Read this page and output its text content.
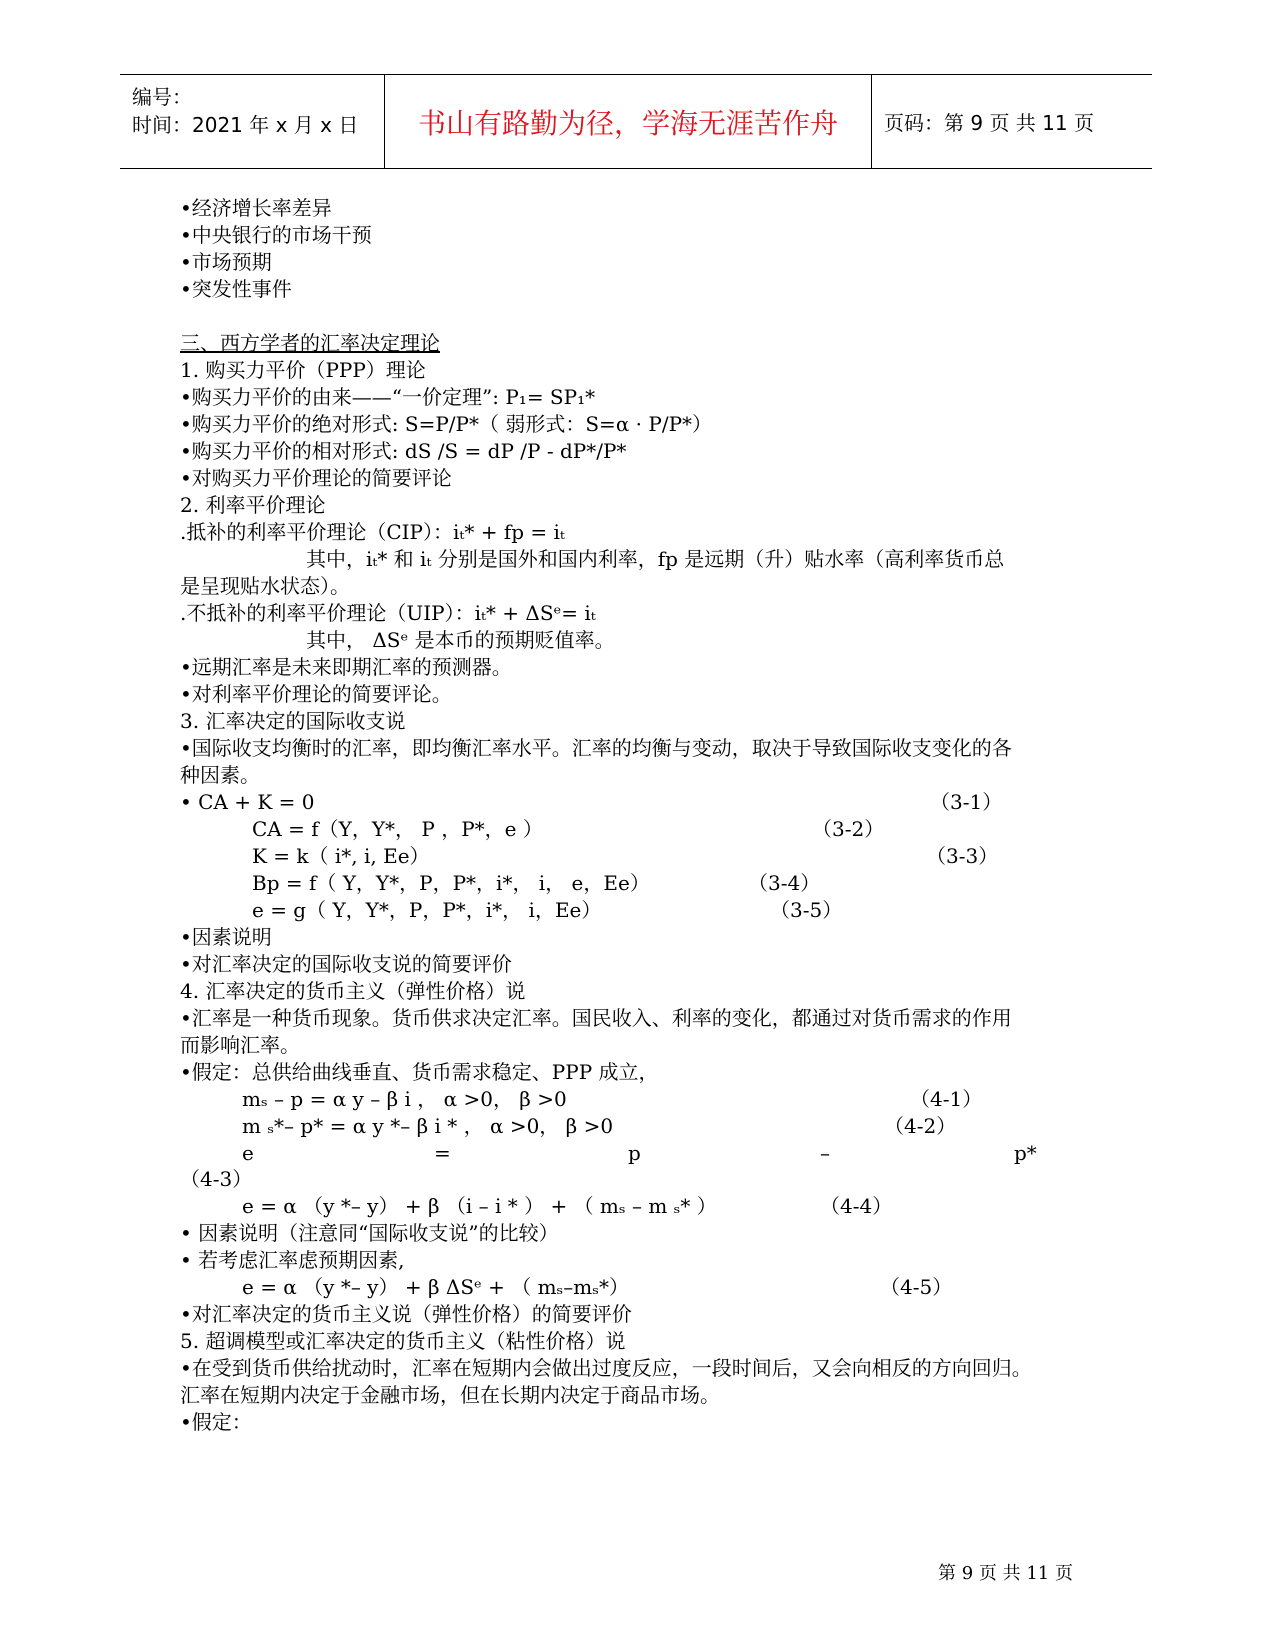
编号：
时间：2021 年 x 月 x 日 书山有路勤为径，学海无涯苦作舟 页码：第 9 页 共 11 页
•经济增长率差异
•中央银行的市场干预
•市场预期
•突发性事件
三、西方学者的汇率决定理论
1. 购买力平价（PPP）理论
•购买力平价的由来——“一价定理”: P₁= SP₁*
•购买力平价的绝对形式: S=P/P*（ 弱形式：S=α · P/P*）
•购买力平价的相对形式: dS /S = dP /P - dP*/P*
•对购买力平价理论的简要评论
2. 利率平价理论
.抵补的利率平价理论（CIP）：iₜ* + fp = iₜ
其中，iₜ* 和 iₜ 分别是国外和国内利率，fp 是远期（升）贴水率（高利率货币总
是呈现贴水状态）。
.不抵补的利率平价理论（UIP）：iₜ* + ΔSᵉ= iₜ
其中， ΔSᵉ 是本币的预期贬值率。
•远期汇率是未来即期汇率的预测器。
•对利率平价理论的简要评论。
3. 汇率决定的国际收支说
•国际收支均衡时的汇率，即均衡汇率水平。汇率的均衡与变动，取决于导致国际收支变化的各
种因素。
• CA + K = 0	（3-1）
CA = f（Y，Y*， P ，P*，e ）	（3-2）
K = k（ i*, i, Ee）	（3-3）
Bp = f（ Y，Y*，P，P*，i*， i， e，Ee）	（3-4）
e = g（ Y，Y*，P，P*，i*， i，Ee）	（3-5）
•因素说明
•对汇率决定的国际收支说的简要评价
4. 汇率决定的货币主义（弹性价格）说
•汇率是一种货币现象。货币供求决定汇率。国民收入、利率的变化，都通过对货币需求的作用
而影响汇率。
•假定：总供给曲线垂直、货币需求稳定、PPP 成立，
mₛ – p = α y – β i ， α >0， β >0	（4-1）
m ₛ*– p* = α y *– β i * ， α >0， β >0	（4-2）
e	=	p	–	p*
（4-3）
e = α （y *– y） + β （i – i * ） + （ mₛ – m ₛ* ）	（4-4）
• 因素说明（注意同“国际收支说”的比较）
• 若考虑汇率虑预期因素,
e = α （y *– y） + β ΔSᵉ + （ mₛ–mₛ*）	（4-5）
•对汇率决定的货币主义说（弹性价格）的简要评价
5. 超调模型或汇率决定的货币主义（粘性价格）说
•在受到货币供给扰动时，汇率在短期内会做出过度反应，一段时间后，又会向相反的方向回归。
汇率在短期内决定于金融市场，但在长期内决定于商品市场。
•假定：
第 9 页 共 11 页
